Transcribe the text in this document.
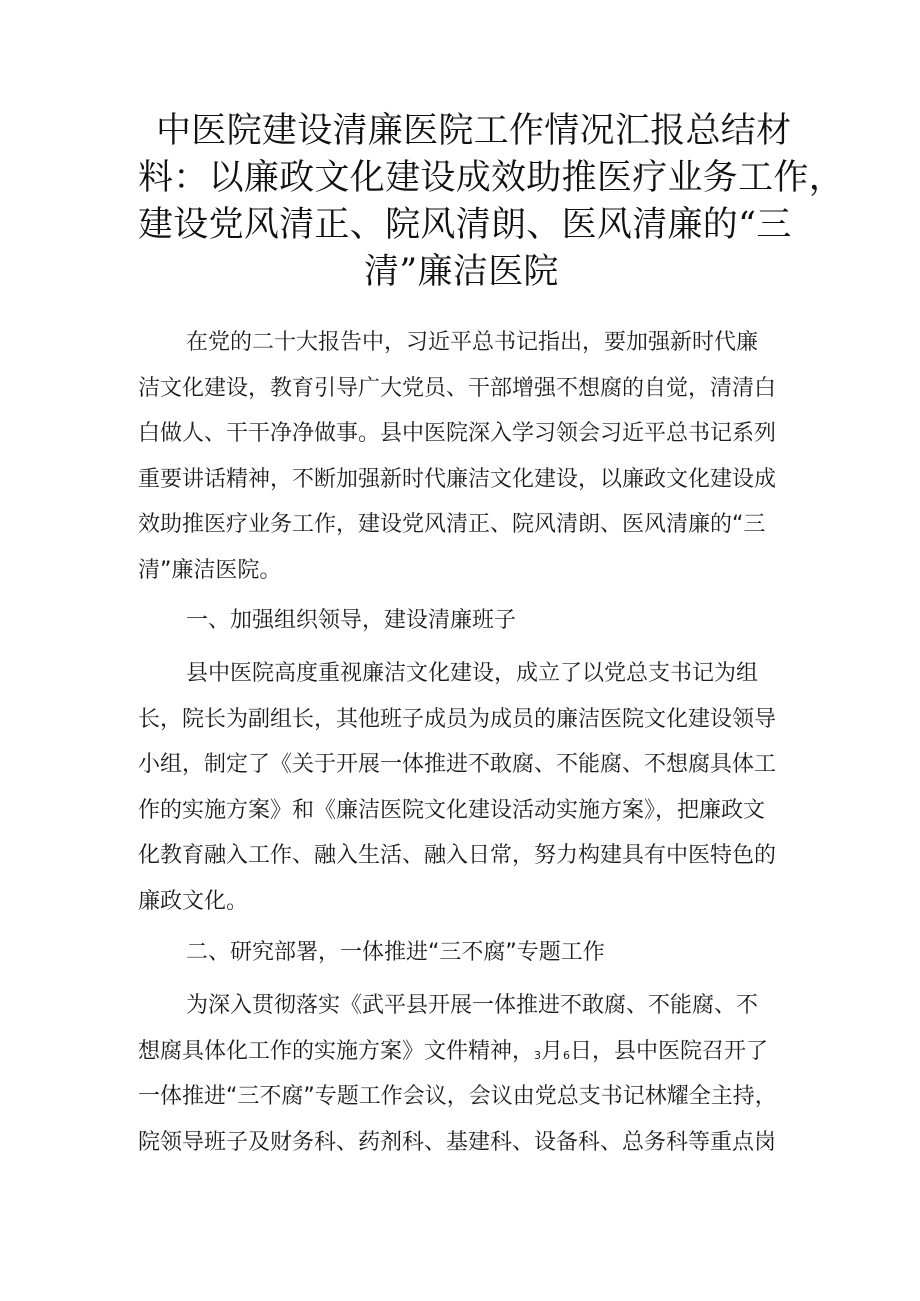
中医院建设清廉医院工作情况汇报总结材
料：以廉政文化建设成效助推医疗业务工作，
建设党风清正、院风清朗、医风清廉的“三
清”廉洁医院
在党的二十大报告中，习近平总书记指出，要加强新时代廉
洁文化建设，教育引导广大党员、干部增强不想腐的自觉，清清白
白做人、干干净净做事。县中医院深入学习领会习近平总书记系列
重要讲话精神，不断加强新时代廉洁文化建设，以廉政文化建设成
效助推医疗业务工作，建设党风清正、院风清朗、医风清廉的“三
清”廉洁医院。
一、加强组织领导，建设清廉班子
县中医院高度重视廉洁文化建设，成立了以党总支书记为组
长，院长为副组长，其他班子成员为成员的廉洁医院文化建设领导
小组，制定了《关于开展一体推进不敢腐、不能腐、不想腐具体工
作的实施方案》和《廉洁医院文化建设活动实施方案》，把廉政文
化教育融入工作、融入生活、融入日常，努力构建具有中医特色的
廉政文化。
二、研究部署，一体推进“三不腐”专题工作
为深入贯彻落实《武平县开展一体推进不敢腐、不能腐、不
想腐具体化工作的实施方案》文件精神，3月6日，县中医院召开了
一体推进“三不腐”专题工作会议，会议由党总支书记林耀全主持，
院领导班子及财务科、药剂科、基建科、设备科、总务科等重点岗
